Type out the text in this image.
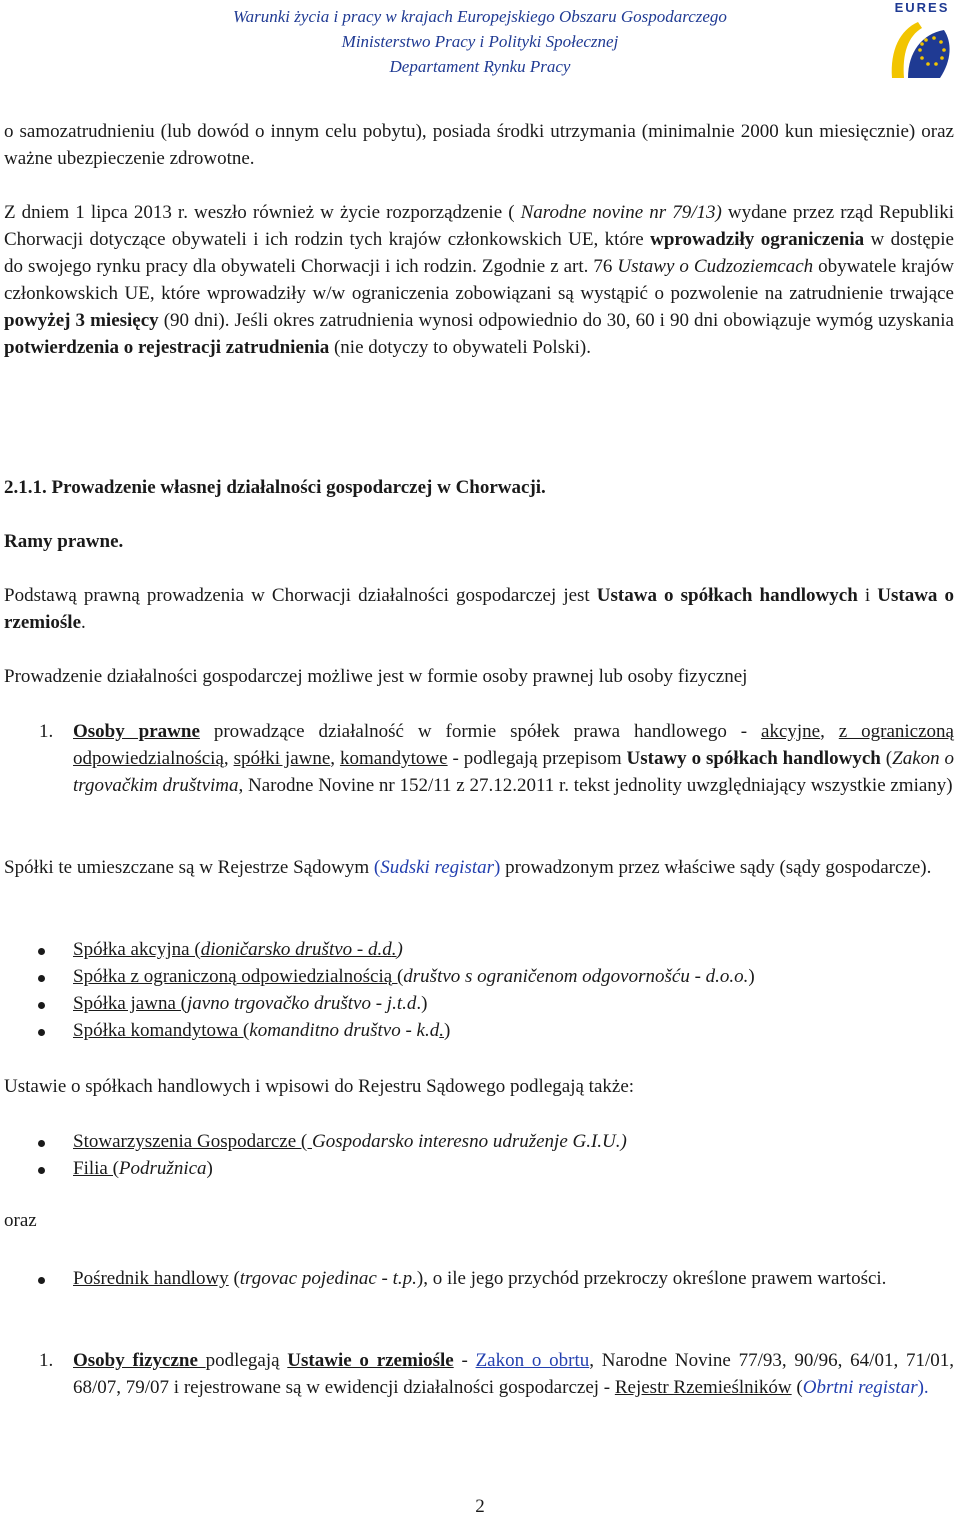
Warunki życia i pracy w krajach Europejskiego Obszaru Gospodarczego
Ministerstwo Pracy i Polityki Społecznej
Departament Rynku Pracy
EURES

o samozatrudnieniu (lub dowód o innym celu pobytu), posiada środki utrzymania (minimalnie 2000 kun miesięcznie) oraz ważne ubezpieczenie zdrowotne.

Z dniem 1 lipca 2013 r. weszło również w życie rozporządzenie ( Narodne novine nr 79/13) wydane przez rząd Republiki Chorwacji dotyczące obywateli i ich rodzin tych krajów członkowskich UE, które wprowadziły ograniczenia w dostępie do swojego rynku pracy dla obywateli Chorwacji i ich rodzin. Zgodnie z art. 76 Ustawy o Cudzoziemcach obywatele krajów członkowskich UE, które wprowadziły w/w ograniczenia zobowiązani są wystąpić o pozwolenie na zatrudnienie trwające powyżej 3 miesięcy (90 dni). Jeśli okres zatrudnienia wynosi odpowiednio do 30, 60 i 90 dni obowiązuje wymóg uzyskania potwierdzenia o rejestracji zatrudnienia (nie dotyczy to obywateli Polski).

2.1.1. Prowadzenie własnej działalności gospodarczej w Chorwacji.
Ramy prawne.

Podstawą prawną prowadzenia w Chorwacji działalności gospodarczej jest Ustawa o spółkach handlowych i Ustawa o rzemiośle.

Prowadzenie działalności gospodarczej możliwe jest w formie osoby prawnej lub osoby fizycznej

1. Osoby prawne prowadzące działalność w formie spółek prawa handlowego - akcyjne, z ograniczoną odpowiedzialnością, spółki jawne, komandytowe - podlegają przepisom Ustawy o spółkach handlowych (Zakon o trgovačkim društvima, Narodne Novine nr 152/11 z 27.12.2011 r. tekst jednolity uwzględniający wszystkie zmiany)

Spółki te umieszczane są w Rejestrze Sądowym (Sudski registar) prowadzonym przez właściwe sądy (sądy gospodarcze).

Spółka akcyjna (dioničarsko društvo - d.d.)
Spółka z ograniczoną odpowiedzialnością (društvo s ograničenom odgovornošću - d.o.o.)
Spółka jawna (javno trgovačko društvo - j.t.d.)
Spółka komandytowa (komanditno društvo - k.d.)

Ustawie o spółkach handlowych i wpisowi do Rejestru Sądowego podlegają także:

Stowarzyszenia Gospodarcze ( Gospodarsko interesno udruženje G.I.U.)
Filia (Podružnica)
oraz
Pośrednik handlowy (trgovac pojedinac - t.p.), o ile jego przychód przekroczy określone prawem wartości.
1. Osoby fizyczne podlegają Ustawie o rzemiośle - Zakon o obrtu, Narodne Novine 77/93, 90/96, 64/01, 71/01, 68/07, 79/07 i rejestrowane są w ewidencji działalności gospodarczej - Rejestr Rzemieślników (Obrtni registar).
2
